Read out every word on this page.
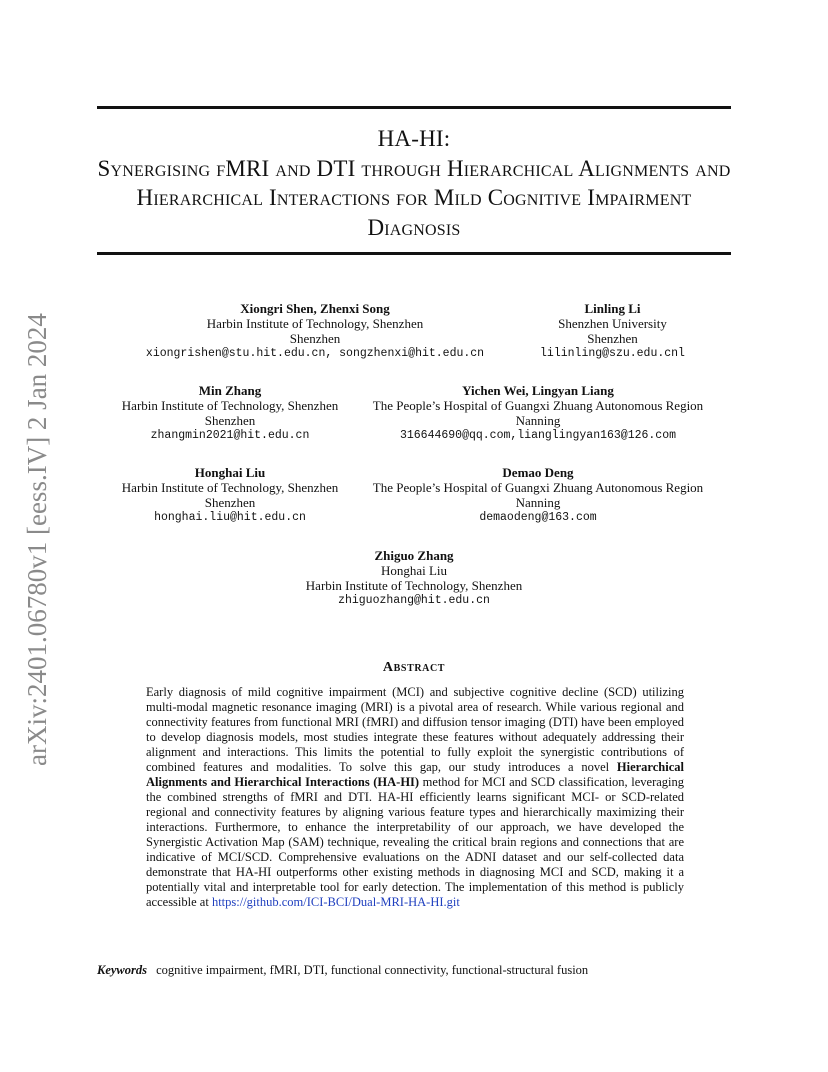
arXiv:2401.06780v1 [eess.IV] 2 Jan 2024
HA-HI:
Synergising fMRI and DTI through Hierarchical Alignments and Hierarchical Interactions for Mild Cognitive Impairment Diagnosis
Xiongri Shen, Zhenxi Song
Harbin Institute of Technology, Shenzhen
Shenzhen
xiongrishen@stu.hit.edu.cn, songzhenxi@hit.edu.cn
Linling Li
Shenzhen University
Shenzhen
lilinling@szu.edu.cnl
Min Zhang
Harbin Institute of Technology, Shenzhen
Shenzhen
zhangmin2021@hit.edu.cn
Yichen Wei, Lingyan Liang
The People’s Hospital of Guangxi Zhuang Autonomous Region
Nanning
316644690@qq.com,lianglingyan163@126.com
Honghai Liu
Harbin Institute of Technology, Shenzhen
Shenzhen
honghai.liu@hit.edu.cn
Demao Deng
The People’s Hospital of Guangxi Zhuang Autonomous Region
Nanning
demaodeng@163.com
Zhiguo Zhang
Honghai Liu
Harbin Institute of Technology, Shenzhen
zhiguozhang@hit.edu.cn
Abstract
Early diagnosis of mild cognitive impairment (MCI) and subjective cognitive decline (SCD) utilizing multi-modal magnetic resonance imaging (MRI) is a pivotal area of research. While various regional and connectivity features from functional MRI (fMRI) and diffusion tensor imaging (DTI) have been employed to develop diagnosis models, most studies integrate these features without adequately addressing their alignment and interactions. This limits the potential to fully exploit the synergistic contributions of combined features and modalities. To solve this gap, our study introduces a novel Hierarchical Alignments and Hierarchical Interactions (HA-HI) method for MCI and SCD classification, leveraging the combined strengths of fMRI and DTI. HA-HI efficiently learns significant MCI- or SCD-related regional and connectivity features by aligning various feature types and hierarchically maximizing their interactions. Furthermore, to enhance the interpretability of our approach, we have developed the Synergistic Activation Map (SAM) technique, revealing the critical brain regions and connections that are indicative of MCI/SCD. Comprehensive evaluations on the ADNI dataset and our self-collected data demonstrate that HA-HI outperforms other existing methods in diagnosing MCI and SCD, making it a potentially vital and interpretable tool for early detection. The implementation of this method is publicly accessible at https://github.com/ICI-BCI/Dual-MRI-HA-HI.git
Keywords cognitive impairment, fMRI, DTI, functional connectivity, functional-structural fusion
